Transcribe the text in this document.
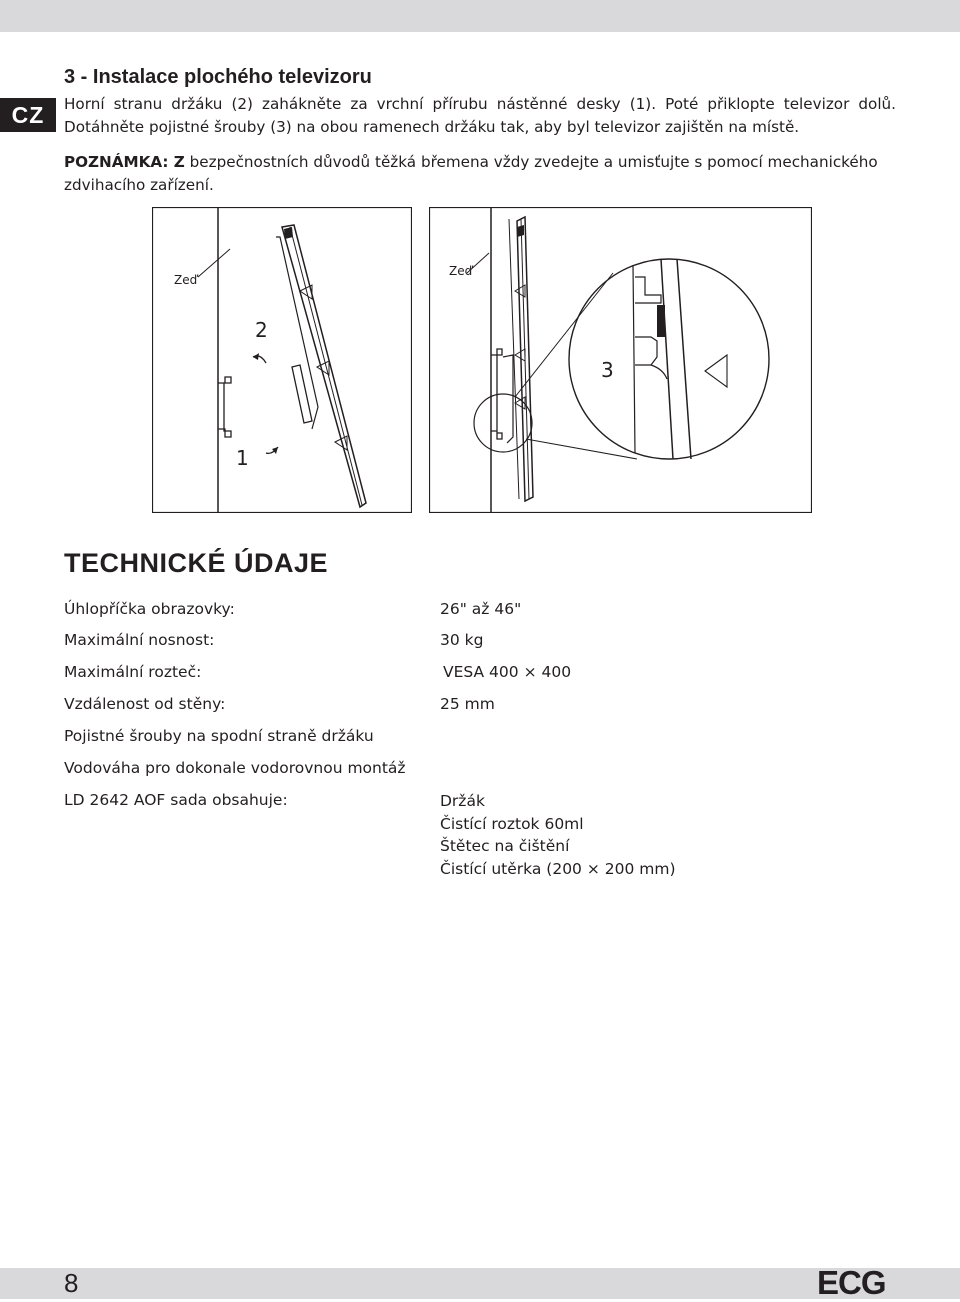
CZ
3 - Instalace plochého televizoru

Horní stranu držáku (2) zahákněte za vrchní přírubu nástěnné desky (1). Poté přiklopte televizor dolů. Dotáhněte pojistné šrouby (3) na obou ramenech držáku tak, aby byl televizor zajištěn na místě.

POZNÁMKA: Z bezpečnostních důvodů těžká břemena vždy zvedejte a umisťujte s pomocí mechanického zdvihacího zařízení.

Zeď
2
1
Zeď
3
TECHNICKÉ ÚDAJE
Úhlopříčka obrazovky:	26" až 46"
Maximální nosnost:	30 kg
Maximální rozteč:	VESA 400 × 400
Vzdálenost od stěny:	25 mm
Pojistné šrouby na spodní straně držáku
Vodováha pro dokonale vodorovnou montáž
LD 2642 AOF sada obsahuje:	Držák
Čistící roztok 60ml
Štětec na čištění
Čistící utěrka (200 × 200 mm)
8	ECG
